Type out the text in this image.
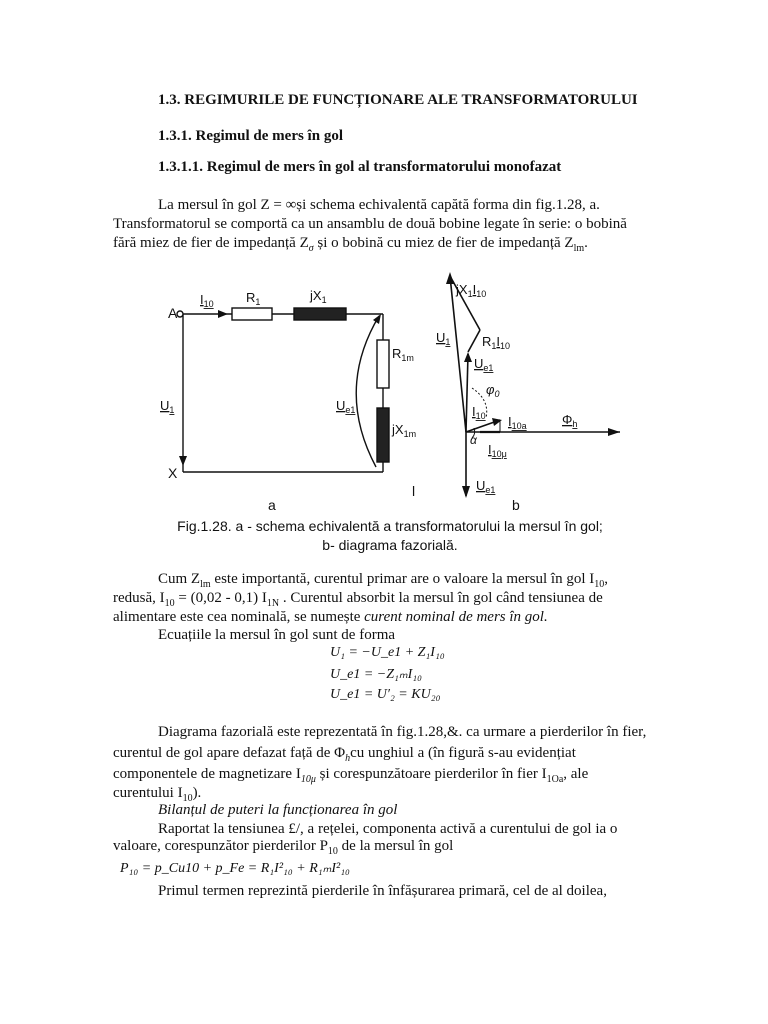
1.3. REGIMURILE DE FUNCȚIONARE ALE TRANSFORMATORULUI
1.3.1. Regimul de mers în gol
1.3.1.1. Regimul de mers în gol al transformatorului monofazat
La mersul în gol Z = ∞și schema echivalentă capătă forma din fig.1.28, a.
Transformatorul se comportă ca un ansamblu de două bobine legate în serie: o bobină
fără miez de fier de impedanță $Z_\sigma$ și o bobină cu miez de fier de impedanță $Z_{lm}$.
A
X
$I_{10}$ $R_1$	$jX_1$
$R_{1m}$
$jX_{1m}$
$U_1$	$U_{e1}$
a
l
$jX_1I_{10}$
$U_1$ $R_1I_{10}$
$U_{e1}$
$\varphi_0$
$I_{10}$ $I_{10a}$
$I_{10\mu}$
α
$\Phi_h$
$U_{e1}$
b
Fig.1.28. a - schema echivalentă a transformatorului la mersul în gol;
b- diagrama fazorială.
Cum $Z_{lm}$ este importantă, curentul primar are o valoare la mersul în gol $I_{10}$,
redusă, $I_{10} = (0,02 - 0,1)$ $I_{1N}$ . Curentul absorbit la mersul în gol când tensiunea de
alimentare este cea nominală, se numește curent nominal de mers în gol.
Ecuațiile la mersul în gol sunt de forma
U₁ = −U_e1 + Z₁I₁₀
U_e1 = −Z₁ₘI₁₀
U_e1 = U′₂ = KU₂₀
Diagrama fazorială este reprezentată în fig.1.28,&. ca urmare a pierderilor în fier,
curentul de gol apare defazat față de $\Phi_hcu$ unghiul a (în figură s-au evidențiat
componentele de magnetizare $I_{10\mu}$ și corespunzătoare pierderilor în fier $I_{1Oa}$, ale
curentului $I_{10}$).
Bilanțul de puteri la funcționarea în gol
Raportat la tensiunea £/, a rețelei, componenta activă a curentului de gol ia o
valoare, corespunzător pierderilor $P_{10}$ de la mersul în gol
P₁₀ = p_Cu10 + p_Fe = R₁I²₁₀ + R₁ₘI²₁₀
Primul termen reprezintă pierderile în înfășurarea primară, cel de al doilea,
